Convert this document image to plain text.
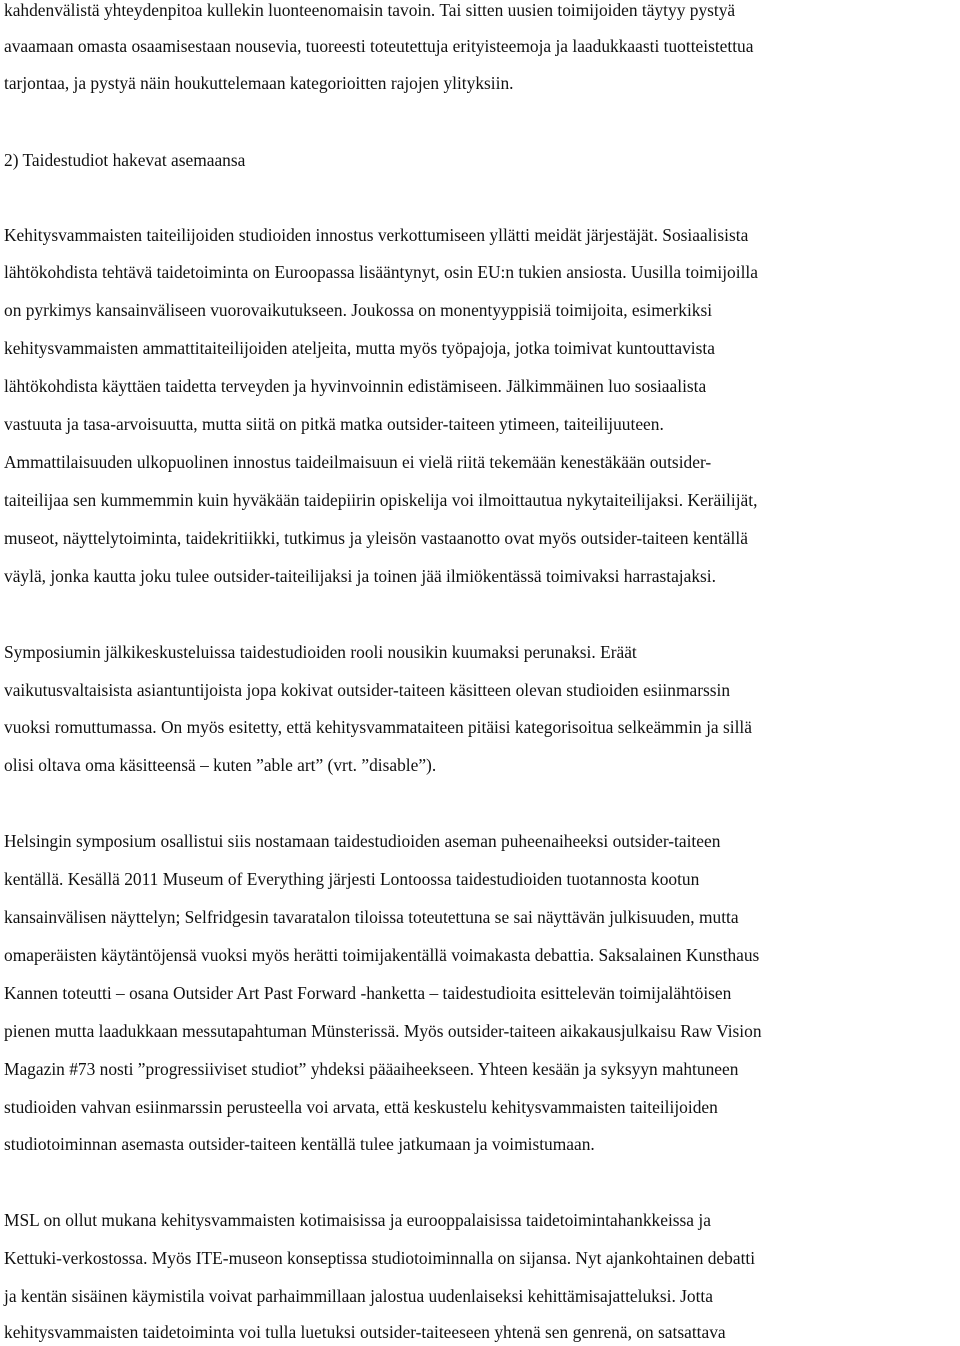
kahdenvälistä yhteydenpitoa kullekin luonteenomaisin tavoin. Tai sitten uusien toimijoiden täytyy pystyä

avaamaan omasta osaamisestaan nousevia, tuoreesti toteutettuja erityisteemoja ja laadukkaasti tuotteistettua

tarjontaa, ja pystyä näin houkuttelemaan kategorioitten rajojen ylityksiin.

2) Taidestudiot hakevat asemaansa

Kehitysvammaisten taiteilijoiden studioiden innostus verkottumiseen yllätti meidät järjestäjät. Sosiaalisista

lähtökohdista tehtävä taidetoiminta on Euroopassa lisääntynyt, osin EU:n tukien ansiosta. Uusilla toimijoilla

on pyrkimys kansainväliseen vuorovaikutukseen. Joukossa on monentyyppisiä toimijoita, esimerkiksi

kehitysvammaisten ammattitaiteilijoiden ateljeita, mutta myös työpajoja, jotka toimivat kuntouttavista

lähtökohdista käyttäen taidetta terveyden ja hyvinvoinnin edistämiseen. Jälkimmäinen luo sosiaalista

vastuuta ja tasa-arvoisuutta, mutta siitä on pitkä matka outsider-taiteen ytimeen, taiteilijuuteen.

Ammattilaisuuden ulkopuolinen innostus taideilmaisuun ei vielä riitä tekemään kenestäkään outsider-

taiteilijaa sen kummemmin kuin hyväkään taidepiirin opiskelija voi ilmoittautua nykytaiteilijaksi. Keräilijät,

museot, näyttelytoiminta, taidekritiikki, tutkimus ja yleisön vastaanotto ovat myös outsider-taiteen kentällä

väylä, jonka kautta joku tulee outsider-taiteilijaksi ja toinen jää ilmiökentässä toimivaksi harrastajaksi.

Symposiumin jälkikeskusteluissa taidestudioiden rooli nousikin kuumaksi perunaksi. Eräät

vaikutusvaltaisista asiantuntijoista jopa kokivat outsider-taiteen käsitteen olevan studioiden esiinmarssin

vuoksi romuttumassa. On myös esitetty, että kehitysvammataiteen pitäisi kategorisoitua selkeämmin ja sillä

olisi oltava oma käsitteensä – kuten ”able art” (vrt. ”disable”).

Helsingin symposium osallistui siis nostamaan taidestudioiden aseman puheenaiheeksi outsider-taiteen

kentällä. Kesällä 2011 Museum of Everything järjesti Lontoossa taidestudioiden tuotannosta kootun

kansainvälisen näyttelyn; Selfridgesin tavaratalon tiloissa toteutettuna se sai näyttävän julkisuuden, mutta

omaperäisten käytäntöjensä vuoksi myös herätti toimijakentällä voimakasta debattia. Saksalainen Kunsthaus

Kannen toteutti – osana Outsider Art Past Forward -hanketta – taidestudioita esittelevän toimijalähtöisen

pienen mutta laadukkaan messutapahtuman Münsterissä. Myös outsider-taiteen aikakausjulkaisu Raw Vision

Magazin #73 nosti ”progressiiviset studiot” yhdeksi pääaiheekseen. Yhteen kesään ja syksyyn mahtuneen

studioiden vahvan esiinmarssin perusteella voi arvata, että keskustelu kehitysvammaisten taiteilijoiden

studiotoiminnan asemasta outsider-taiteen kentällä tulee jatkumaan ja voimistumaan.

MSL on ollut mukana kehitysvammaisten kotimaisissa ja eurooppalaisissa taidetoimintahankkeissa ja

Kettuki-verkostossa. Myös ITE-museon konseptissa studiotoiminnalla on sijansa. Nyt ajankohtainen debatti

ja kentän sisäinen käymistila voivat parhaimmillaan jalostua uudenlaiseksi kehittämisajatteluksi. Jotta

kehitysvammaisten taidetoiminta voi tulla luetuksi outsider-taiteeseen yhtenä sen genrenä, on satsattava
